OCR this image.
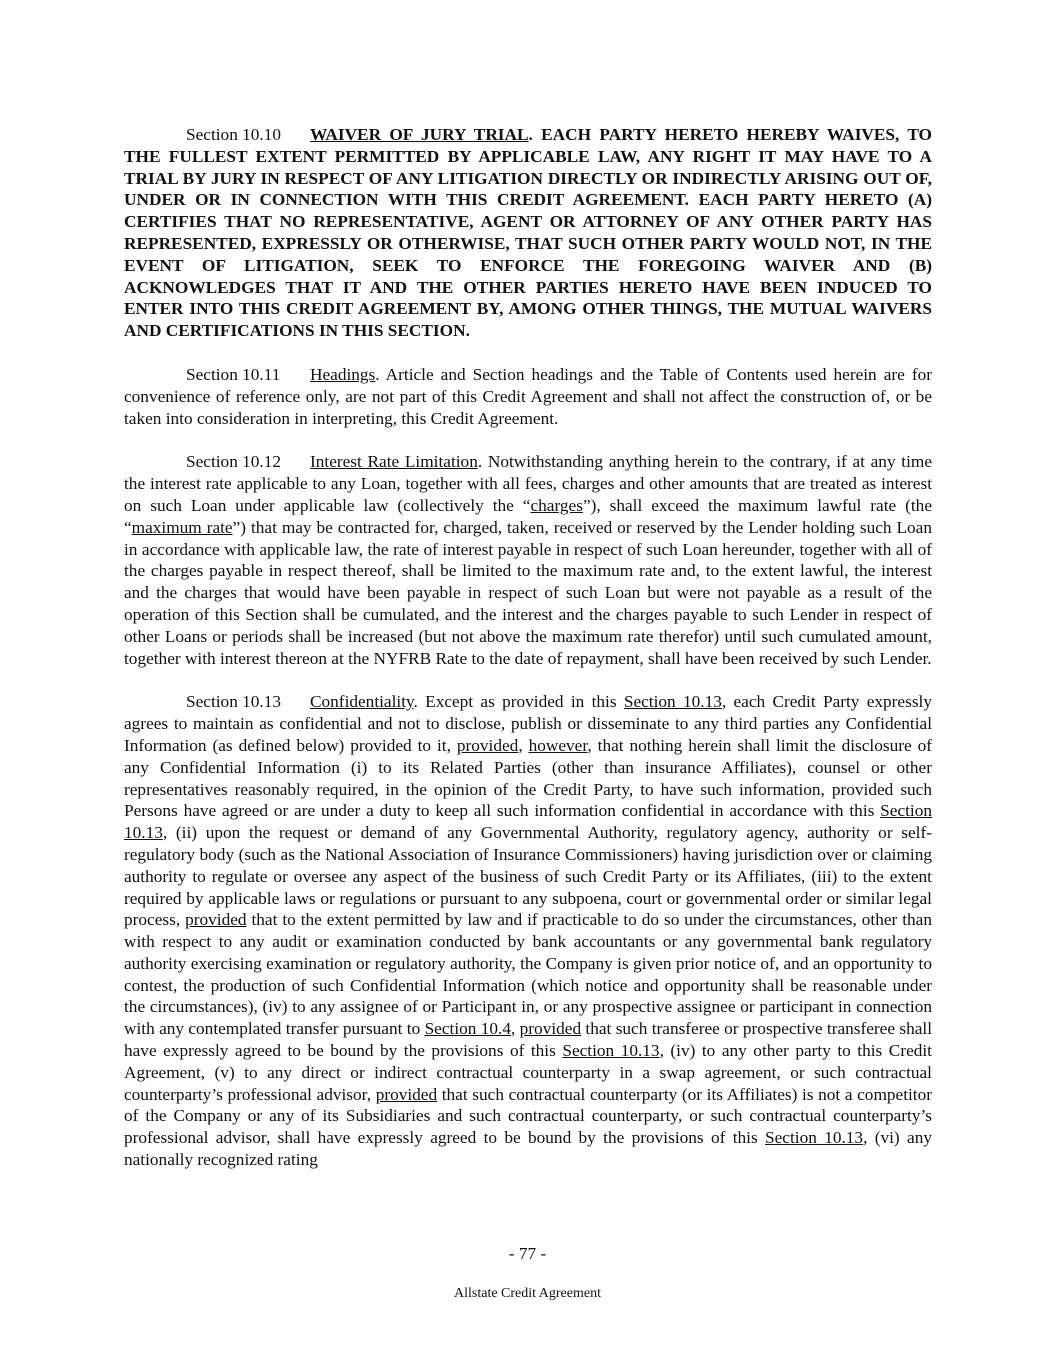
Section 10.10 WAIVER OF JURY TRIAL. EACH PARTY HERETO HEREBY WAIVES, TO THE FULLEST EXTENT PERMITTED BY APPLICABLE LAW, ANY RIGHT IT MAY HAVE TO A TRIAL BY JURY IN RESPECT OF ANY LITIGATION DIRECTLY OR INDIRECTLY ARISING OUT OF, UNDER OR IN CONNECTION WITH THIS CREDIT AGREEMENT. EACH PARTY HERETO (A) CERTIFIES THAT NO REPRESENTATIVE, AGENT OR ATTORNEY OF ANY OTHER PARTY HAS REPRESENTED, EXPRESSLY OR OTHERWISE, THAT SUCH OTHER PARTY WOULD NOT, IN THE EVENT OF LITIGATION, SEEK TO ENFORCE THE FOREGOING WAIVER AND (B) ACKNOWLEDGES THAT IT AND THE OTHER PARTIES HERETO HAVE BEEN INDUCED TO ENTER INTO THIS CREDIT AGREEMENT BY, AMONG OTHER THINGS, THE MUTUAL WAIVERS AND CERTIFICATIONS IN THIS SECTION.

Section 10.11 Headings. Article and Section headings and the Table of Contents used herein are for convenience of reference only, are not part of this Credit Agreement and shall not affect the construction of, or be taken into consideration in interpreting, this Credit Agreement.

Section 10.12 Interest Rate Limitation. Notwithstanding anything herein to the contrary, if at any time the interest rate applicable to any Loan, together with all fees, charges and other amounts that are treated as interest on such Loan under applicable law (collectively the “charges”), shall exceed the maximum lawful rate (the “maximum rate”) that may be contracted for, charged, taken, received or reserved by the Lender holding such Loan in accordance with applicable law, the rate of interest payable in respect of such Loan hereunder, together with all of the charges payable in respect thereof, shall be limited to the maximum rate and, to the extent lawful, the interest and the charges that would have been payable in respect of such Loan but were not payable as a result of the operation of this Section shall be cumulated, and the interest and the charges payable to such Lender in respect of other Loans or periods shall be increased (but not above the maximum rate therefor) until such cumulated amount, together with interest thereon at the NYFRB Rate to the date of repayment, shall have been received by such Lender.

Section 10.13 Confidentiality. Except as provided in this Section 10.13, each Credit Party expressly agrees to maintain as confidential and not to disclose, publish or disseminate to any third parties any Confidential Information (as defined below) provided to it, provided, however, that nothing herein shall limit the disclosure of any Confidential Information (i) to its Related Parties (other than insurance Affiliates), counsel or other representatives reasonably required, in the opinion of the Credit Party, to have such information, provided such Persons have agreed or are under a duty to keep all such information confidential in accordance with this Section 10.13, (ii) upon the request or demand of any Governmental Authority, regulatory agency, authority or self-regulatory body (such as the National Association of Insurance Commissioners) having jurisdiction over or claiming authority to regulate or oversee any aspect of the business of such Credit Party or its Affiliates, (iii) to the extent required by applicable laws or regulations or pursuant to any subpoena, court or governmental order or similar legal process, provided that to the extent permitted by law and if practicable to do so under the circumstances, other than with respect to any audit or examination conducted by bank accountants or any governmental bank regulatory authority exercising examination or regulatory authority, the Company is given prior notice of, and an opportunity to contest, the production of such Confidential Information (which notice and opportunity shall be reasonable under the circumstances), (iv) to any assignee of or Participant in, or any prospective assignee or participant in connection with any contemplated transfer pursuant to Section 10.4, provided that such transferee or prospective transferee shall have expressly agreed to be bound by the provisions of this Section 10.13, (iv) to any other party to this Credit Agreement, (v) to any direct or indirect contractual counterparty in a swap agreement, or such contractual counterparty’s professional advisor, provided that such contractual counterparty (or its Affiliates) is not a competitor of the Company or any of its Subsidiaries and such contractual counterparty, or such contractual counterparty’s professional advisor, shall have expressly agreed to be bound by the provisions of this Section 10.13, (vi) any nationally recognized rating

- 77 -
Allstate Credit Agreement
